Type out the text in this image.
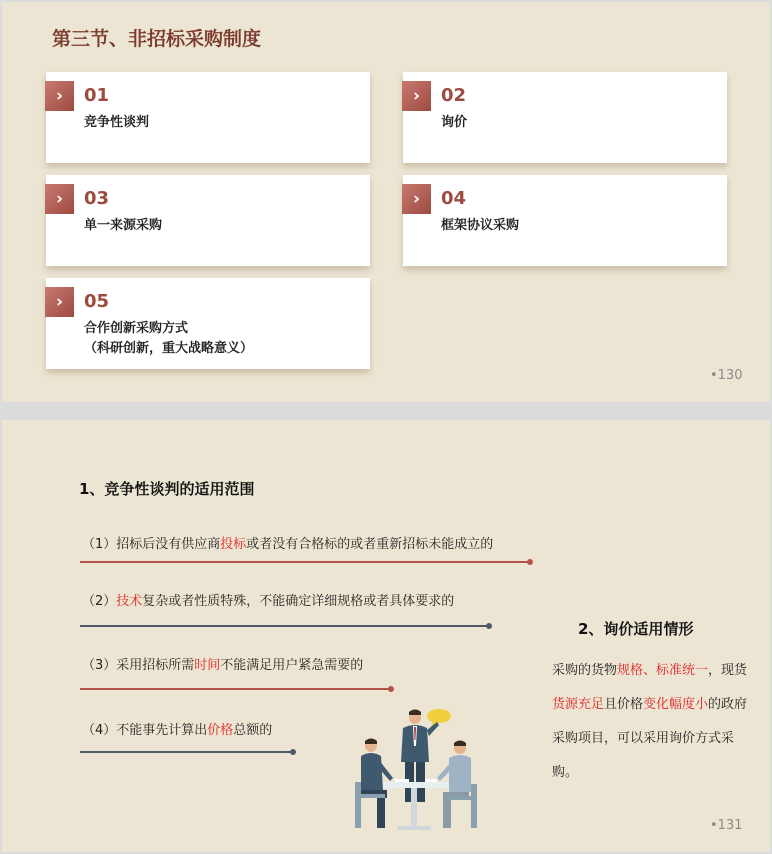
第三节、非招标采购制度
›	01
竞争性谈判
›	02
询价
›	03
单一来源采购
›	04
框架协议采购
›	05
合作创新采购方式
（科研创新，重大战略意义）
•130
1、竞争性谈判的适用范围
（1）招标后没有供应商投标或者没有合格标的或者重新招标未能成立的
（2）技术复杂或者性质特殊，不能确定详细规格或者具体要求的
（3）采用招标所需时间不能满足用户紧急需要的
（4）不能事先计算出价格总额的
2、询价适用情形
采购的货物规格、标准统一，现货货源充足且价格变化幅度小的政府采购项目，可以采用询价方式采购。
•131
